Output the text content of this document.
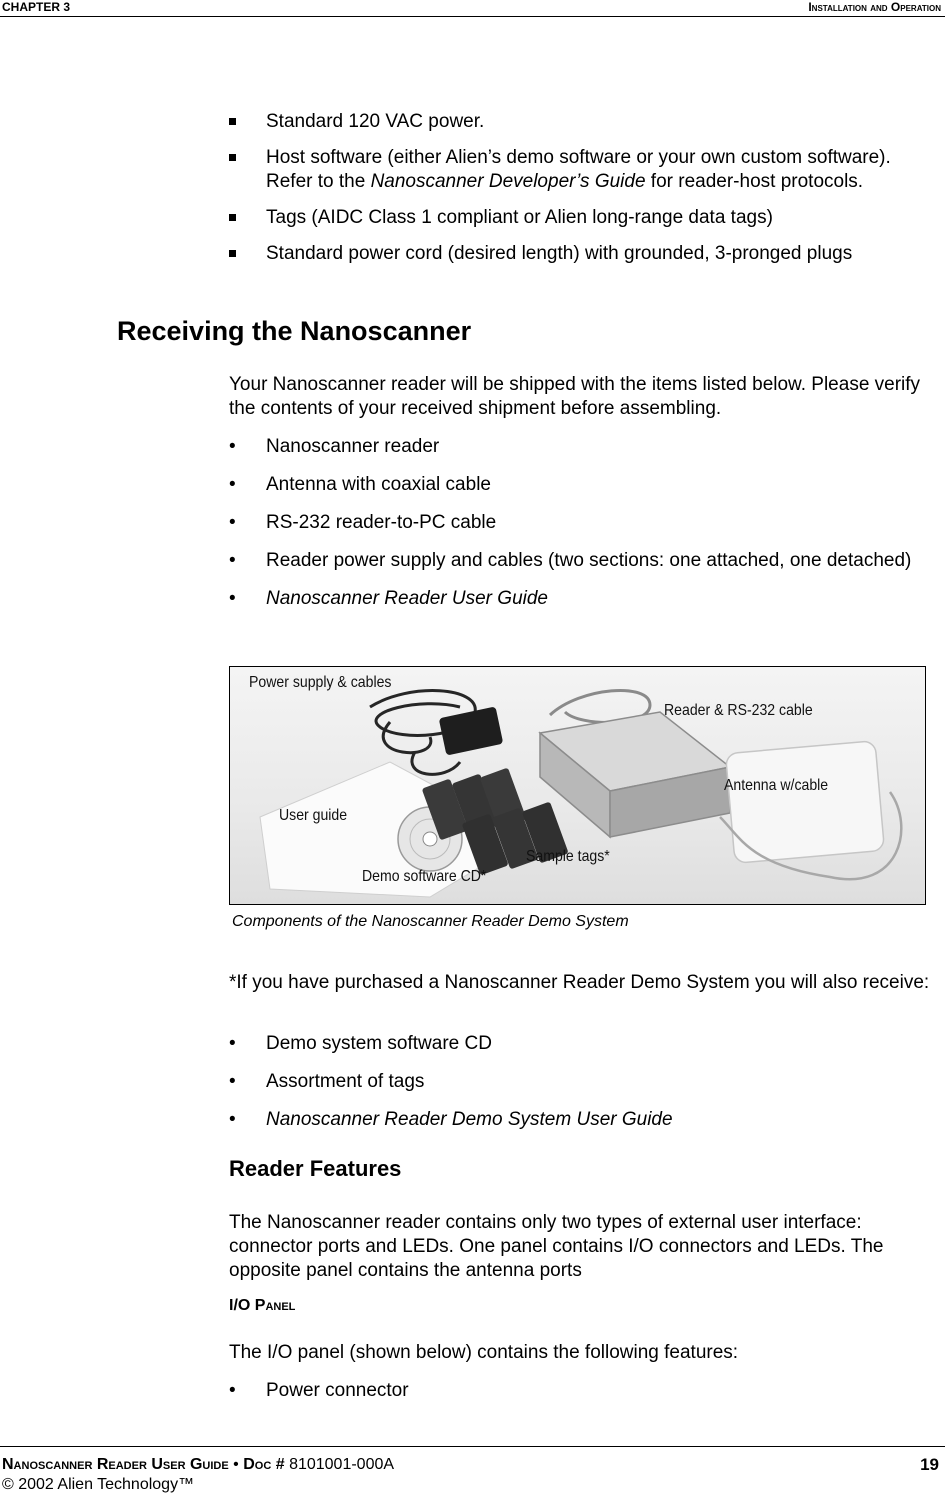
CHAPTER 3	Installation and Operation
Standard 120 VAC power.
Host software (either Alien’s demo software or your own custom software). Refer to the Nanoscanner Developer’s Guide for reader-host protocols.
Tags (AIDC Class 1 compliant or Alien long-range data tags)
Standard power cord (desired length) with grounded, 3-pronged plugs
Receiving the Nanoscanner
Your Nanoscanner reader will be shipped with the items listed below. Please verify the contents of your received shipment before assembling.
• Nanoscanner reader
• Antenna with coaxial cable
• RS-232 reader-to-PC cable
• Reader power supply and cables (two sections: one attached, one detached)
• Nanoscanner Reader User Guide
Power supply & cables
Reader & RS-232 cable
Antenna w/cable
User guide
Sample tags*
Demo software CD*
Components of the Nanoscanner Reader Demo System
*If you have purchased a Nanoscanner Reader Demo System you will also receive:
• Demo system software CD
• Assortment of tags
• Nanoscanner Reader Demo System User Guide
Reader Features
The Nanoscanner reader contains only two types of external user interface: connector ports and LEDs. One panel contains I/O connectors and LEDs. The opposite panel contains the antenna ports
I/O Panel
The I/O panel (shown below) contains the following features:
• Power connector
Nanoscanner Reader User Guide • Doc # 8101001-000A
© 2002 Alien Technology™
19
